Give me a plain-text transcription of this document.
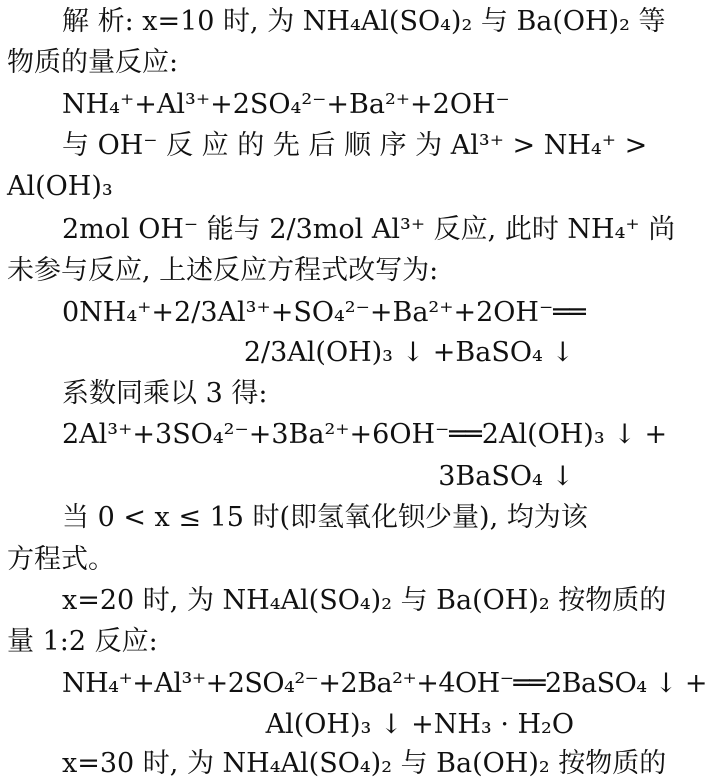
解 析: x=10 时, 为 NH₄Al(SO₄)₂ 与 Ba(OH)₂ 等
物质的量反应:
NH₄⁺+Al³⁺+2SO₄²⁻+Ba²⁺+2OH⁻
与 OH⁻ 反 应 的 先 后 顺 序 为 Al³⁺ > NH₄⁺ >
Al(OH)₃
2mol OH⁻ 能与 2/3mol Al³⁺ 反应, 此时 NH₄⁺ 尚
未参与反应, 上述反应方程式改写为:
0NH₄⁺+2/3Al³⁺+SO₄²⁻+Ba²⁺+2OH⁻══
2/3Al(OH)₃ ↓ +BaSO₄ ↓
系数同乘以 3 得:
2Al³⁺+3SO₄²⁻+3Ba²⁺+6OH⁻══2Al(OH)₃ ↓ +
3BaSO₄ ↓
当 0 < x ≤ 15 时(即氢氧化钡少量), 均为该
方程式。
x=20 时, 为 NH₄Al(SO₄)₂ 与 Ba(OH)₂ 按物质的
量 1:2 反应:
NH₄⁺+Al³⁺+2SO₄²⁻+2Ba²⁺+4OH⁻══2BaSO₄ ↓ +
Al(OH)₃ ↓ +NH₃ · H₂O
x=30 时, 为 NH₄Al(SO₄)₂ 与 Ba(OH)₂ 按物质的
